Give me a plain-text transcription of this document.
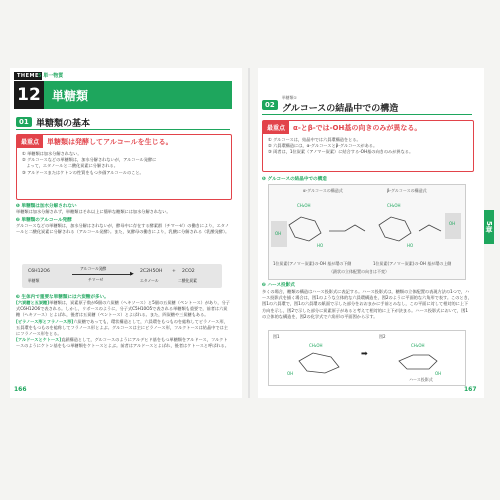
THEME 5 単一物質
12 単糖類
01 単糖類の基本
最重点	単糖類は発酵してアルコールを生じる。
① 単糖類は加水分解されない。
② グルコースなどの単糖類は，加水分解されないが，アルコール発酵に
　よって，エタノールと二酸化炭素に分解される。
③ アルドースまたはケトンの性質をもつ多価アルコールのこと。
❶ 単糖類は加水分解されない
単糖類は加水分解されず，単糖類はそれ以上に簡単な糖類には加水分解されない。
❷ 単糖類のアルコール発酵
グルコースなどの単糖類は，加水分解はされないが，酵母中に存在する酵素群（チマーゼ）の働きにより，エタノールと二酸化炭素に分解される（アルコール発酵）。また，気酵母の働きにより，乳酸に分解される（乳酸発酵）。
C6H12O6
単糖類
アルコール発酵
▶
チマーゼ
2C2H5OH + 2CO2
エタノール	二酸化炭素
❸ 生体内で重要な単糖類には六炭糖が多い。
[六炭糖と五炭糖]単糖類は，炭素原子数が6個の六炭糖（ヘキソース）と5個の五炭糖（ペントース）があり，分子式C6H12O6で表される。しかし，リボースのように，分子式C5H10O5で表される単糖類も重要で，前者は六炭糖（ヘキソース）とよばれ，後者は五炭糖（ペントース）とよばれる。また，四炭糖や三炭糖もある。
[ピラノース形とフラノース形]六炭糖であっても，環状構造として，六員環をもつものを総称してピラノース形，五員環をもつものを総称してフラノース形とよぶ。グルコースは主にピラノース形，フルクトースは結晶中では主にフラノース形をとる。
[アルドースとケトース]直鎖構造として，グルコースのようにアルデヒド基をもつ単糖類をアルドース，フルクトースのようにケトン基をもつ単糖類をケトースとよぶ。前者はアルドースとよばれ，後者はケトースと呼ばれる。
166
02
単糖類①
グルコースの結晶中での構造
最重点	α-とβ-では-OH基の向きのみが異なる。
① グルコースは，結晶中では六員環構造をとる。
② 六員環構造には，α-グルコースとβ-グルコースがある。
③ 両者は，1位炭素（アノマー炭素）に結合する-OH基の向きのみが異なる。
❶ グルコースの結晶中での構造
α-グルコースの構造式	β-グルコースの構造式
CH₂OH	CH₂OH
OH
OH
HO	HO
1位炭素(アノマー炭素)の-OH 基が環の下側	1位炭素(アノマー炭素)の-OH 基が環の上側
（鎖状の立体配置の向きは不変）
❷ ハース投影式
多くの場合，糖類の構造はハース投影式に表記する。ハース投影式は，糖類の立体配置の表現方法の1つで，ハース投影式を描く場合は，図1のような立体的な六員環構造を，図2のように平面的な六角形で表す。このとき，図1の六員環で，図1の六員環の紙面で示した部分をおおまかに手前とみなし，この平面に対して相対的に上下方向を示し，図2で示した部分に炭素原子があると考えて相対的に上下が決まる。ハース投影式において，図1の立体的な構造を，図2の化学式で六角形の平面図から示す。
図1	図2
CH₂OH	CH₂OH
OH	OH
➡
ハース投影式
167
5章
